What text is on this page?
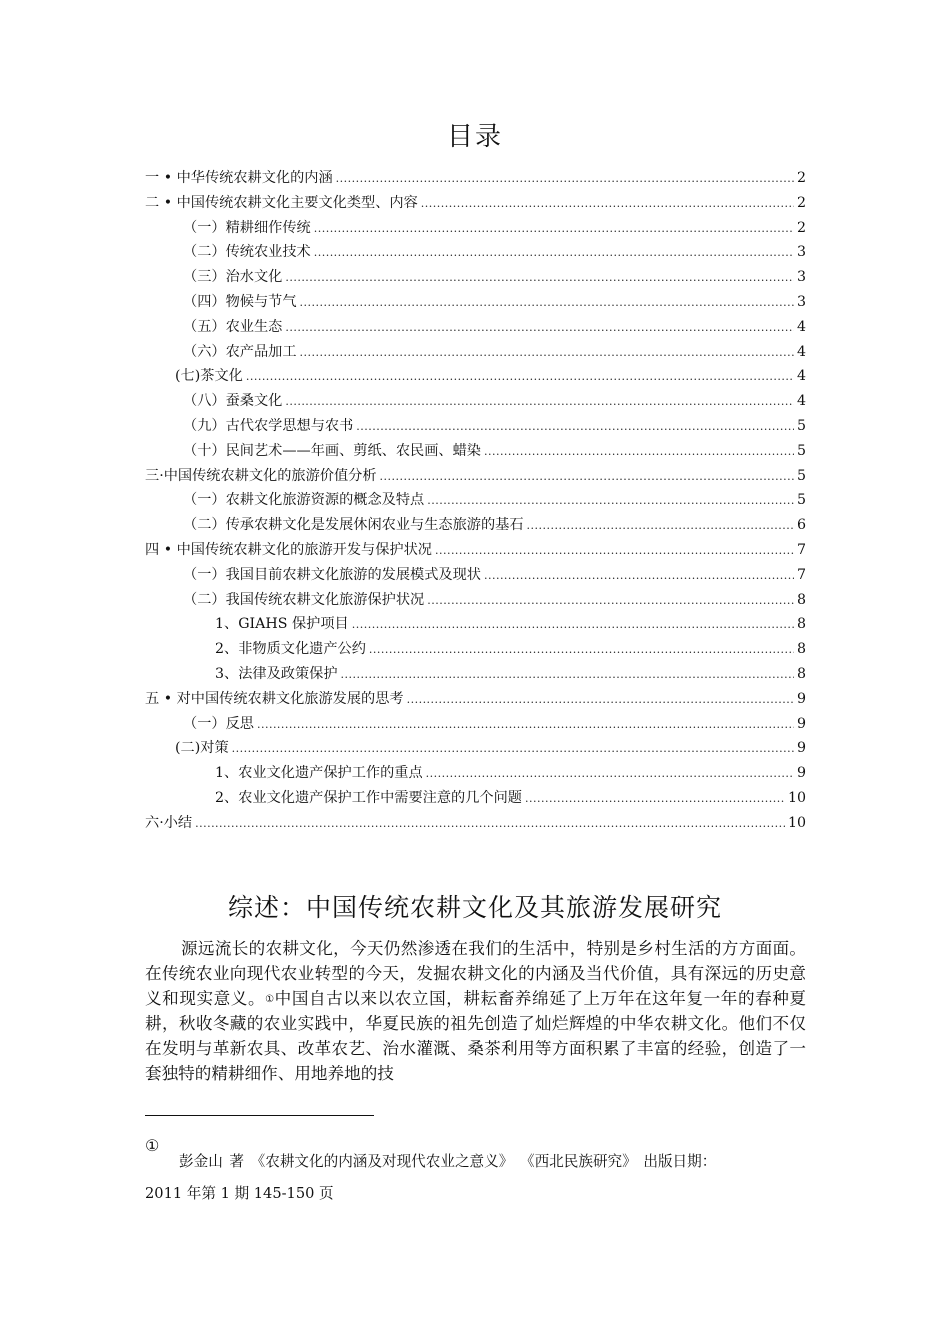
目录
一 • 中华传统农耕文化的内涵 .....	2
二 • 中国传统农耕文化主要文化类型、内容 .....	2
（一）精耕细作传统 .....	2
（二）传统农业技术 .....	3
（三）治水文化 .....	3
（四）物候与节气 .....	3
（五）农业生态 .....	4
（六）农产品加工 .....	4
(七)茶文化 .....	4
（八）蚕桑文化 .....	4
（九）古代农学思想与农书 .....	5
（十）民间艺术——年画、剪纸、农民画、蜡染 .....	5
三·中国传统农耕文化的旅游价值分析 .....	5
（一）农耕文化旅游资源的概念及特点 .....	5
（二）传承农耕文化是发展休闲农业与生态旅游的基石 .....	6
四 • 中国传统农耕文化的旅游开发与保护状况 .....	7
（一）我国目前农耕文化旅游的发展模式及现状 .....	7
（二）我国传统农耕文化旅游保护状况 .....	8
1、GIAHS 保护项目 .....	8
2、非物质文化遗产公约 .....	8
3、法律及政策保护 .....	8
五 • 对中国传统农耕文化旅游发展的思考 .....	9
（一）反思 .....	9
(二)对策 .....	9
1、农业文化遗产保护工作的重点 .....	9
2、农业文化遗产保护工作中需要注意的几个问题 .....	10
六·小结 .....	10
综述：中国传统农耕文化及其旅游发展研究
源远流长的农耕文化，今天仍然渗透在我们的生活中，特别是乡村生活的方方面面。在传统农业向现代农业转型的今天，发掘农耕文化的内涵及当代价值，具有深远的历史意义和现实意义。①中国自古以来以农立国，耕耘畜养绵延了上万年在这年复一年的春种夏耕，秋收冬藏的农业实践中，华夏民族的祖先创造了灿烂辉煌的中华农耕文化。他们不仅在发明与革新农具、改革农艺、治水灌溉、桑茶利用等方面积累了丰富的经验，创造了一套独特的精耕细作、用地养地的技
①
彭金山 著 《农耕文化的内涵及对现代农业之意义》 《西北民族研究》 出版日期：
2011 年第 1 期 145-150 页
